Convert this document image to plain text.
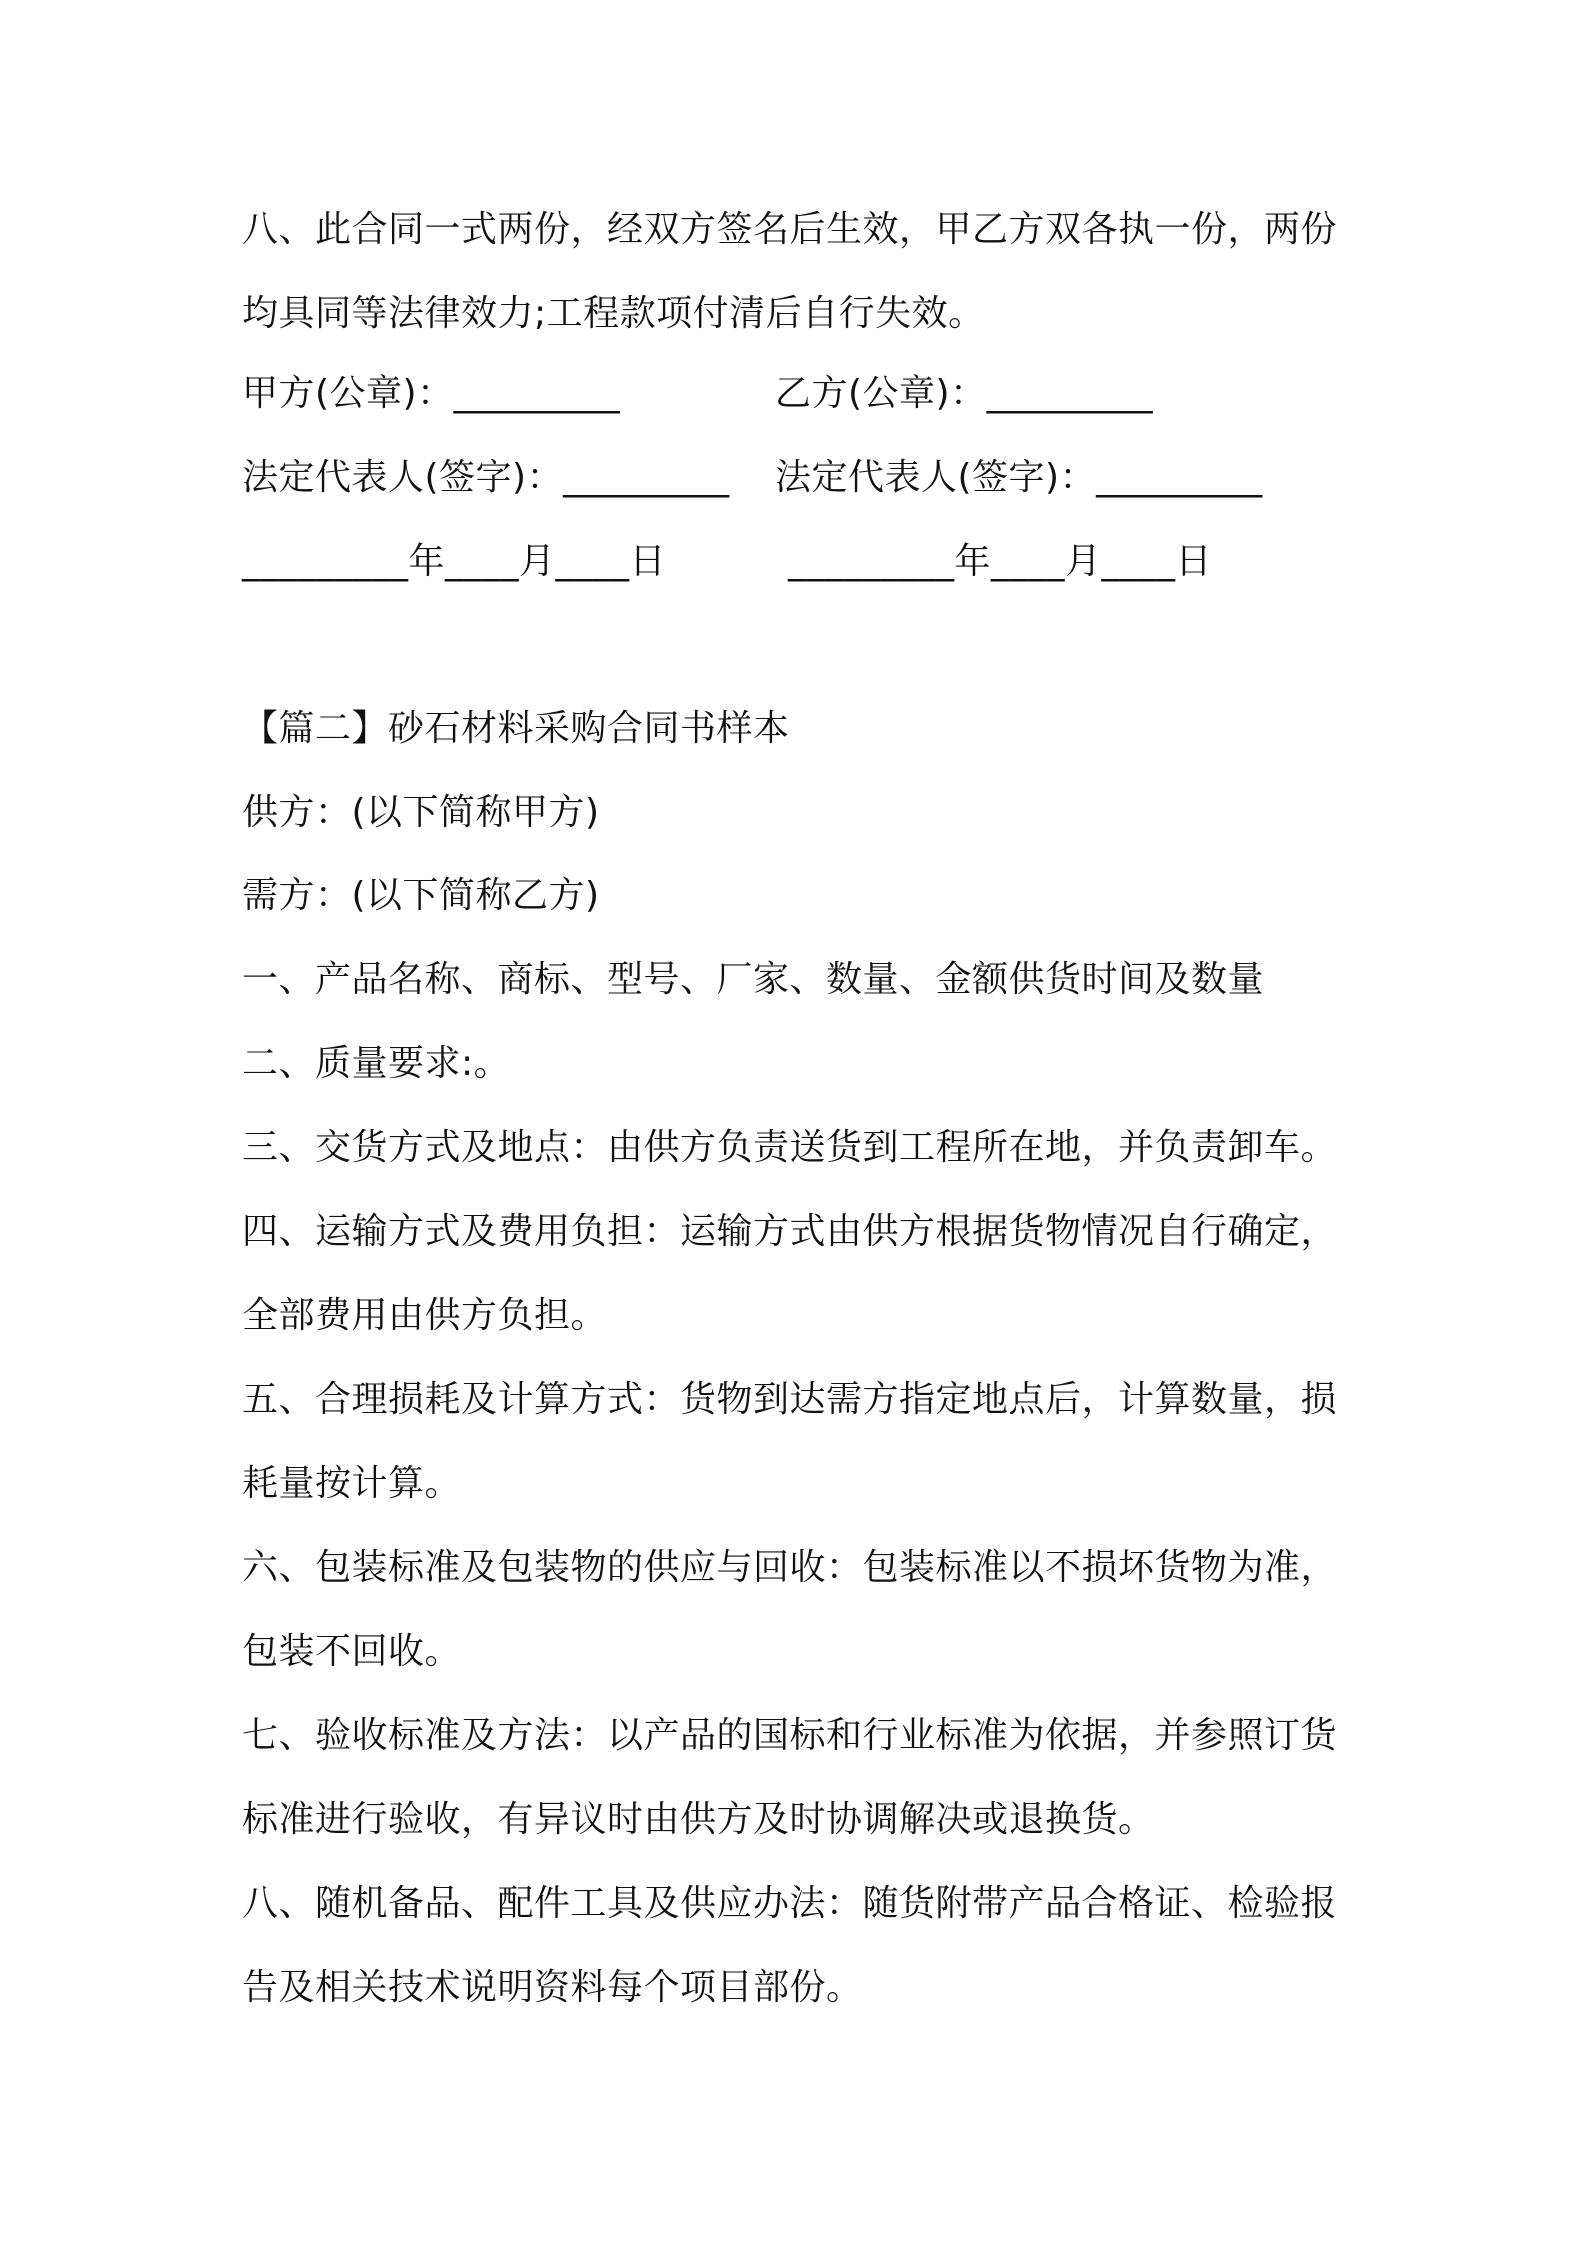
八、此合同一式两份，经双方签名后生效，甲乙方双各执一份，两份
均具同等法律效力;工程款项付清后自行失效。
甲方(公章)：_________	乙方(公章)：_________
法定代表人(签字)：_________ 法定代表人(签字)：_________
_________年____月____日	_________年____月____日
【篇二】砂石材料采购合同书样本
供方：(以下简称甲方)
需方：(以下简称乙方)
一、产品名称、商标、型号、厂家、数量、金额供货时间及数量
二、质量要求:。
三、交货方式及地点：由供方负责送货到工程所在地，并负责卸车。
四、运输方式及费用负担：运输方式由供方根据货物情况自行确定，
全部费用由供方负担。
五、合理损耗及计算方式：货物到达需方指定地点后，计算数量，损
耗量按计算。
六、包装标准及包装物的供应与回收：包装标准以不损坏货物为准，
包装不回收。
七、验收标准及方法：以产品的国标和行业标准为依据，并参照订货
标准进行验收，有异议时由供方及时协调解决或退换货。
八、随机备品、配件工具及供应办法：随货附带产品合格证、检验报
告及相关技术说明资料每个项目部份。
